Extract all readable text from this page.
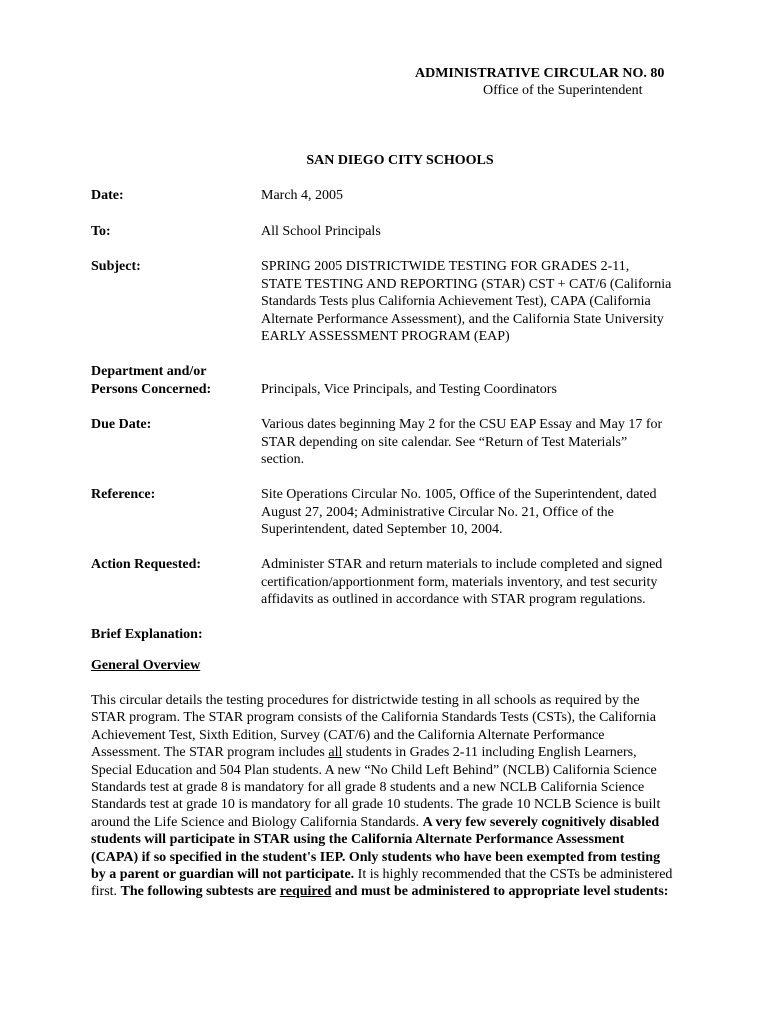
ADMINISTRATIVE CIRCULAR NO. 80
Office of the Superintendent
SAN DIEGO CITY SCHOOLS
Date:	March 4, 2005
To:	All School Principals
Subject:	SPRING 2005 DISTRICTWIDE TESTING FOR GRADES 2-11,
STATE TESTING AND REPORTING (STAR) CST + CAT/6 (California
Standards Tests plus California Achievement Test), CAPA (California
Alternate Performance Assessment), and the California State University
EARLY ASSESSMENT PROGRAM (EAP)
Department and/or
Persons Concerned:	Principals, Vice Principals, and Testing Coordinators
Due Date:	Various dates beginning May 2 for the CSU EAP Essay and May 17 for
STAR depending on site calendar. See “Return of Test Materials”
section.
Reference:	Site Operations Circular No. 1005, Office of the Superintendent, dated
August 27, 2004; Administrative Circular No. 21, Office of the
Superintendent, dated September 10, 2004.
Action Requested:	Administer STAR and return materials to include completed and signed
certification/apportionment form, materials inventory, and test security
affidavits as outlined in accordance with STAR program regulations.
Brief Explanation:
General Overview
This circular details the testing procedures for districtwide testing in all schools as required by the
STAR program. The STAR program consists of the California Standards Tests (CSTs), the California
Achievement Test, Sixth Edition, Survey (CAT/6) and the California Alternate Performance
Assessment. The STAR program includes all students in Grades 2-11 including English Learners,
Special Education and 504 Plan students. A new “No Child Left Behind” (NCLB) California Science
Standards test at grade 8 is mandatory for all grade 8 students and a new NCLB California Science
Standards test at grade 10 is mandatory for all grade 10 students. The grade 10 NCLB Science is built
around the Life Science and Biology California Standards. A very few severely cognitively disabled
students will participate in STAR using the California Alternate Performance Assessment
(CAPA) if so specified in the student's IEP. Only students who have been exempted from testing
by a parent or guardian will not participate. It is highly recommended that the CSTs be administered
first. The following subtests are required and must be administered to appropriate level students:
